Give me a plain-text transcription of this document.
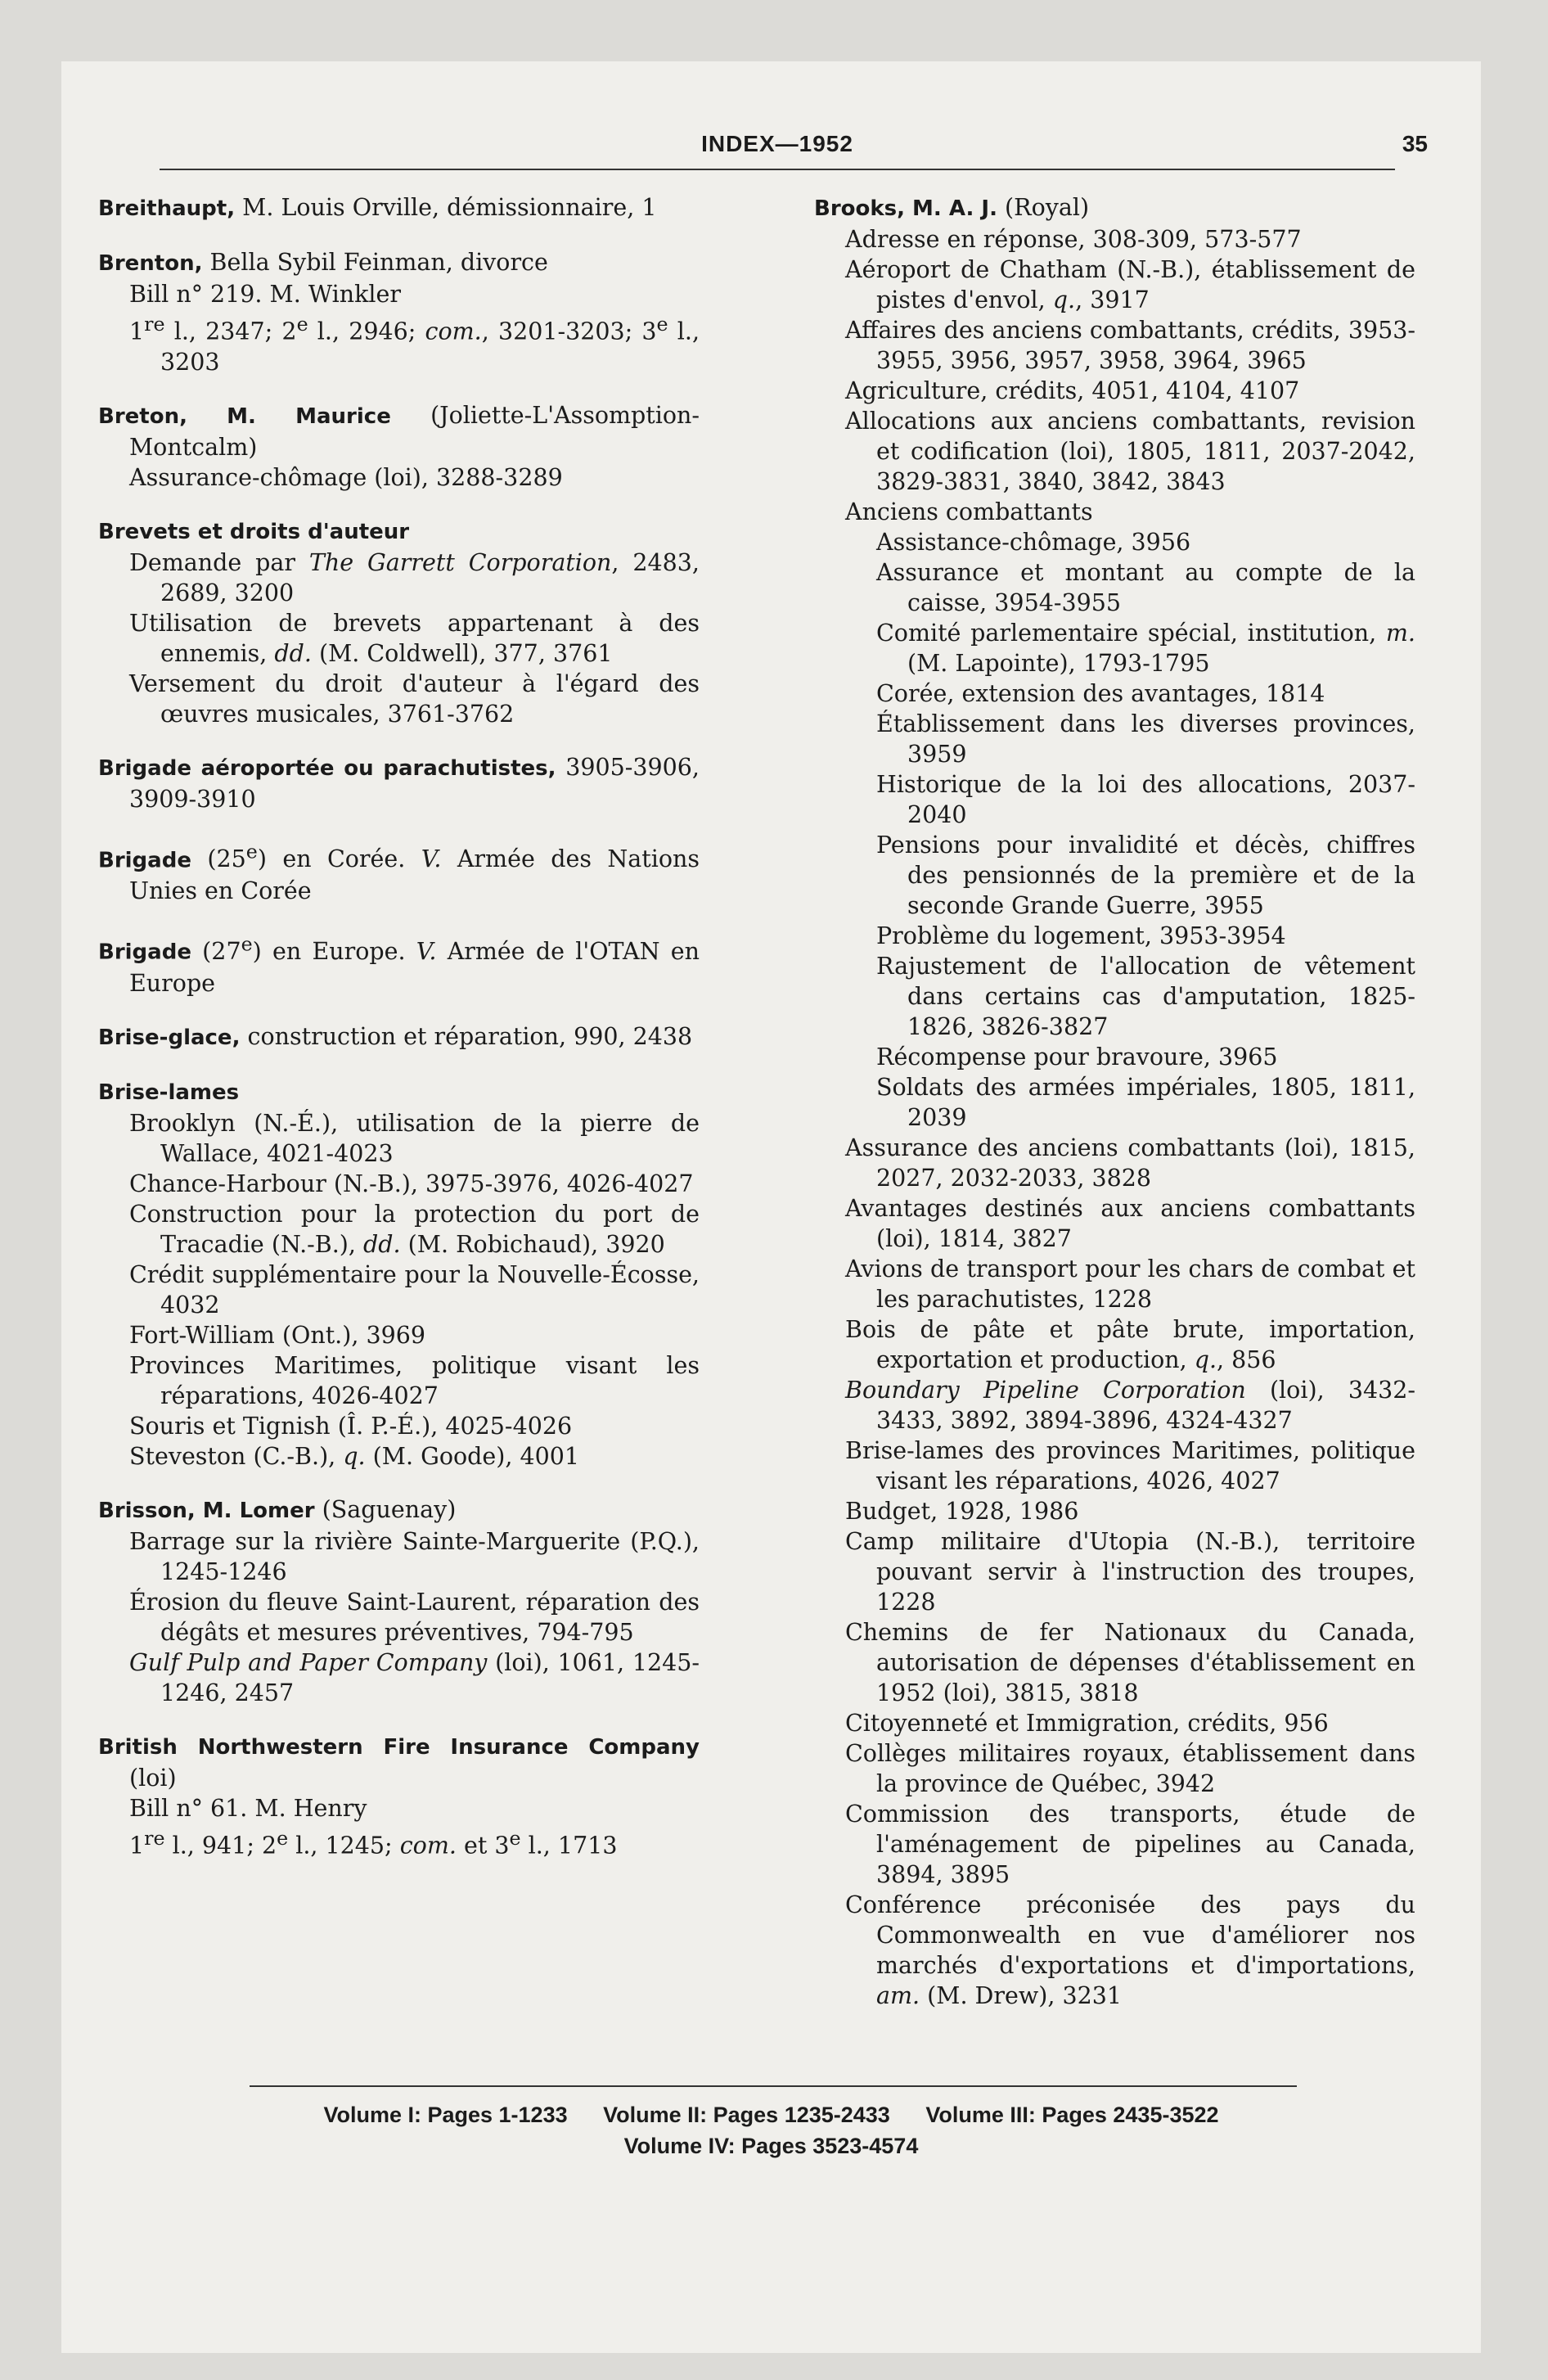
INDEX—1952	35
Breithaupt, M. Louis Orville, démissionnaire, 1
Brenton, Bella Sybil Feinman, divorce
Bill n° 219. M. Winkler
1re l., 2347; 2e l., 2946; com., 3201-3203; 3e l., 3203
Breton, M. Maurice (Joliette-L'Assomption-Montcalm)
Assurance-chômage (loi), 3288-3289
Brevets et droits d'auteur
Demande par The Garrett Corporation, 2483, 2689, 3200
Utilisation de brevets appartenant à des ennemis, dd. (M. Coldwell), 377, 3761
Versement du droit d'auteur à l'égard des œuvres musicales, 3761-3762
Brigade aéroportée ou parachutistes, 3905-3906, 3909-3910
Brigade (25e) en Corée. V. Armée des Nations Unies en Corée
Brigade (27e) en Europe. V. Armée de l'OTAN en Europe
Brise-glace, construction et réparation, 990, 2438
Brise-lames
Brooklyn (N.-É.), utilisation de la pierre de Wallace, 4021-4023
Chance-Harbour (N.-B.), 3975-3976, 4026-4027
Construction pour la protection du port de Tracadie (N.-B.), dd. (M. Robichaud), 3920
Crédit supplémentaire pour la Nouvelle-Écosse, 4032
Fort-William (Ont.), 3969
Provinces Maritimes, politique visant les réparations, 4026-4027
Souris et Tignish (Î. P.-É.), 4025-4026
Steveston (C.-B.), q. (M. Goode), 4001
Brisson, M. Lomer (Saguenay)
Barrage sur la rivière Sainte-Marguerite (P.Q.), 1245-1246
Érosion du fleuve Saint-Laurent, réparation des dégâts et mesures préventives, 794-795
Gulf Pulp and Paper Company (loi), 1061, 1245-1246, 2457
British Northwestern Fire Insurance Company (loi)
Bill n° 61. M. Henry
1re l., 941; 2e l., 1245; com. et 3e l., 1713
Brooks, M. A. J. (Royal)
Adresse en réponse, 308-309, 573-577
Aéroport de Chatham (N.-B.), établissement de pistes d'envol, q., 3917
Affaires des anciens combattants, crédits, 3953-3955, 3956, 3957, 3958, 3964, 3965
Agriculture, crédits, 4051, 4104, 4107
Allocations aux anciens combattants, revision et codification (loi), 1805, 1811, 2037-2042, 3829-3831, 3840, 3842, 3843
Anciens combattants
Assistance-chômage, 3956
Assurance et montant au compte de la caisse, 3954-3955
Comité parlementaire spécial, institution, m. (M. Lapointe), 1793-1795
Corée, extension des avantages, 1814
Établissement dans les diverses provinces, 3959
Historique de la loi des allocations, 2037-2040
Pensions pour invalidité et décès, chiffres des pensionnés de la première et de la seconde Grande Guerre, 3955
Problème du logement, 3953-3954
Rajustement de l'allocation de vêtement dans certains cas d'amputation, 1825-1826, 3826-3827
Récompense pour bravoure, 3965
Soldats des armées impériales, 1805, 1811, 2039
Assurance des anciens combattants (loi), 1815, 2027, 2032-2033, 3828
Avantages destinés aux anciens combattants (loi), 1814, 3827
Avions de transport pour les chars de combat et les parachutistes, 1228
Bois de pâte et pâte brute, importation, exportation et production, q., 856
Boundary Pipeline Corporation (loi), 3432-3433, 3892, 3894-3896, 4324-4327
Brise-lames des provinces Maritimes, politique visant les réparations, 4026, 4027
Budget, 1928, 1986
Camp militaire d'Utopia (N.-B.), territoire pouvant servir à l'instruction des troupes, 1228
Chemins de fer Nationaux du Canada, autorisation de dépenses d'établissement en 1952 (loi), 3815, 3818
Citoyenneté et Immigration, crédits, 956
Collèges militaires royaux, établissement dans la province de Québec, 3942
Commission des transports, étude de l'aménagement de pipelines au Canada, 3894, 3895
Conférence préconisée des pays du Commonwealth en vue d'améliorer nos marchés d'exportations et d'importations, am. (M. Drew), 3231
Volume I: Pages 1-1233 Volume II: Pages 1235-2433 Volume III: Pages 2435-3522
Volume IV: Pages 3523-4574
